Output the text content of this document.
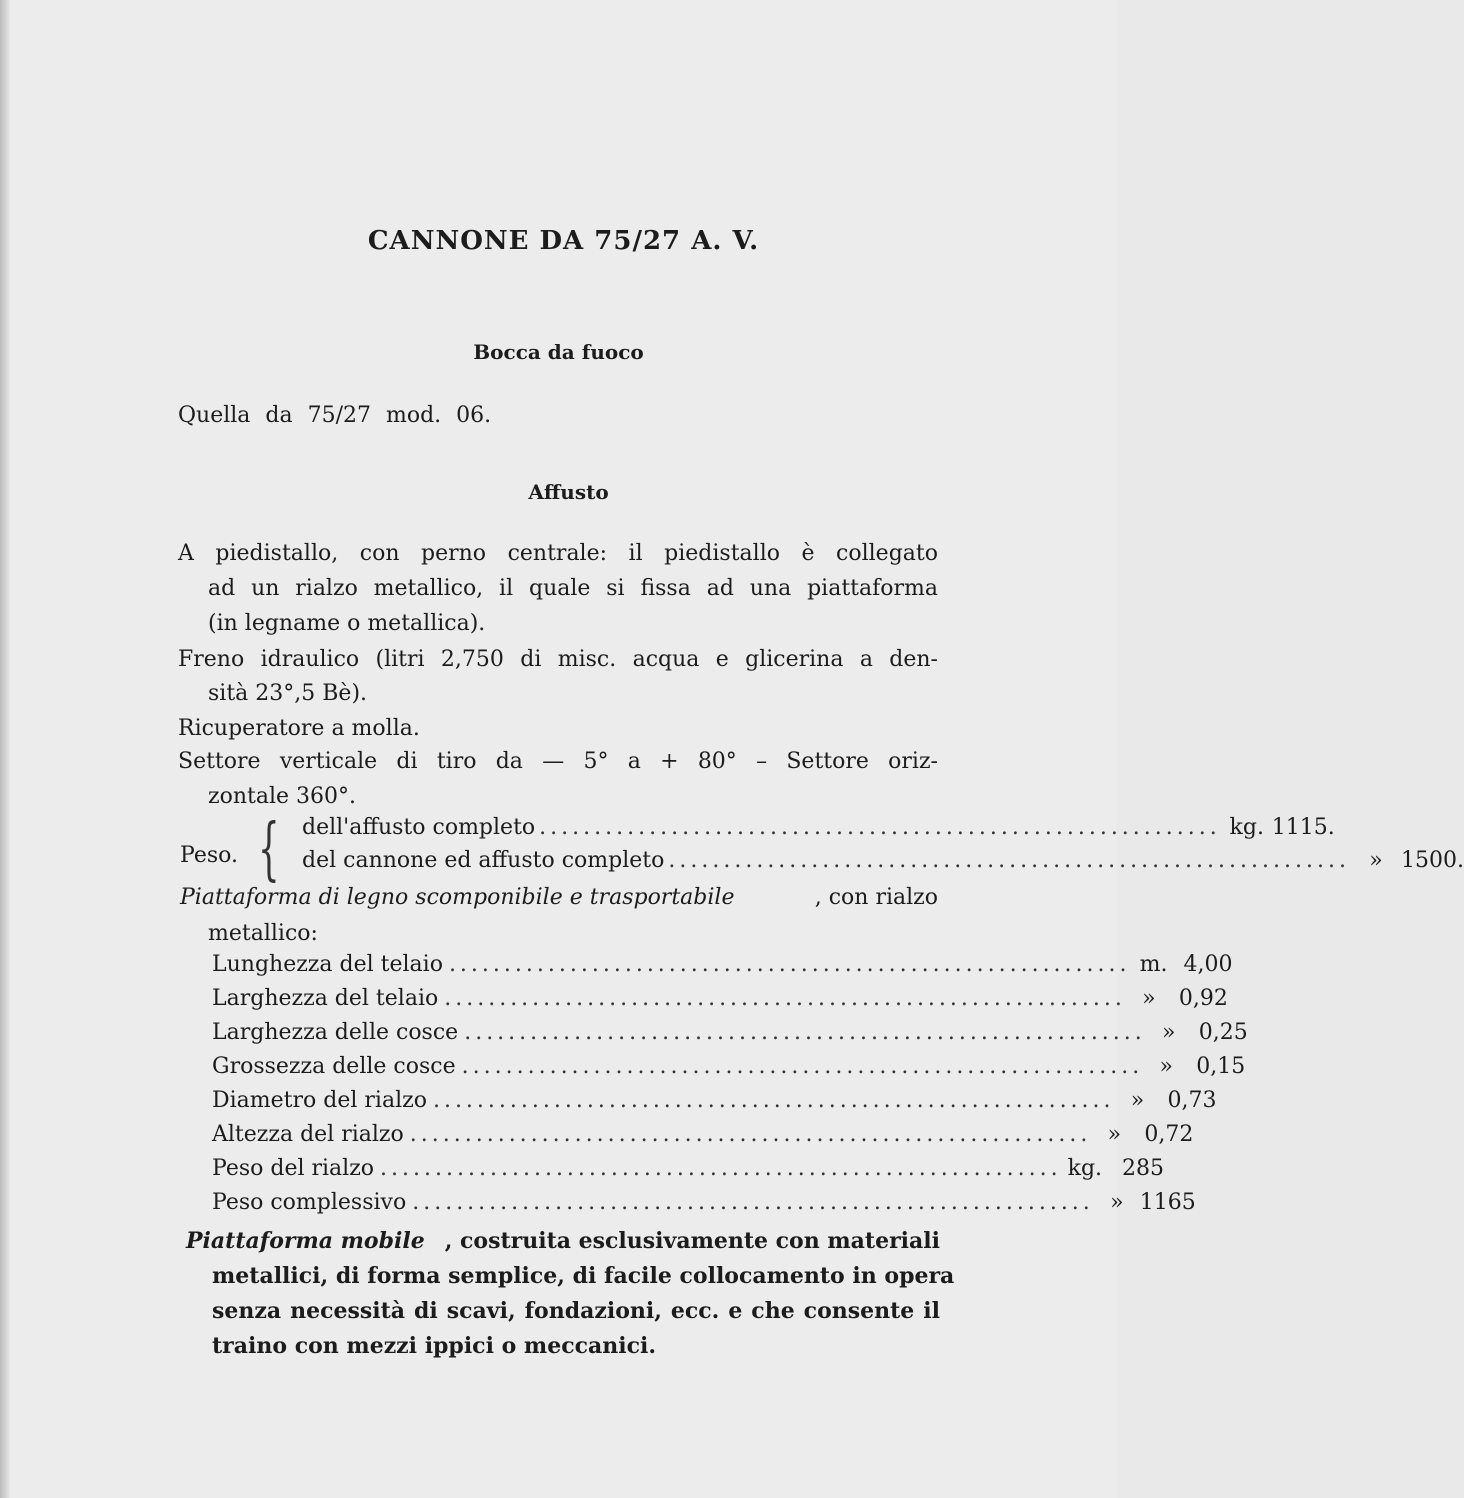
CANNONE DA 75/27 A. V.
Bocca da fuoco
Quella da 75/27 mod. 06.
Affusto
A piedistallo, con perno centrale: il piedistallo è collegato
ad un rialzo metallico, il quale si fissa ad una piattaforma
(in legname o metallica).
Freno idraulico (litri 2,750 di misc. acqua e glicerina a den-
sità 23°,5 Bè).
Ricuperatore a molla.
Settore verticale di tiro da — 5° a + 80° – Settore oriz-
zontale 360°.
Peso. { dell'affusto completo .............................................................. kg. 1115.
del cannone ed affusto completo .............................................................. » 1500.
Piattaforma di legno scomponibile e trasportabile	, con rialzo
metallico:
Lunghezza del telaio .............................................................. m. 4,00
Larghezza del telaio .............................................................. »	0,92
Larghezza delle cosce .............................................................. »	0,25
Grossezza delle cosce .............................................................. »	0,15
Diametro del rialzo .............................................................. »	0,73
Altezza del rialzo .............................................................. »	0,72
Peso del rialzo .............................................................. kg. 285
Peso complessivo .............................................................. » 1165
Piattaforma mobile , costruita esclusivamente con materiali
metallici, di forma semplice, di facile collocamento in opera
senza necessità di scavi, fondazioni, ecc. e che consente il
traino con mezzi ippici o meccanici.
